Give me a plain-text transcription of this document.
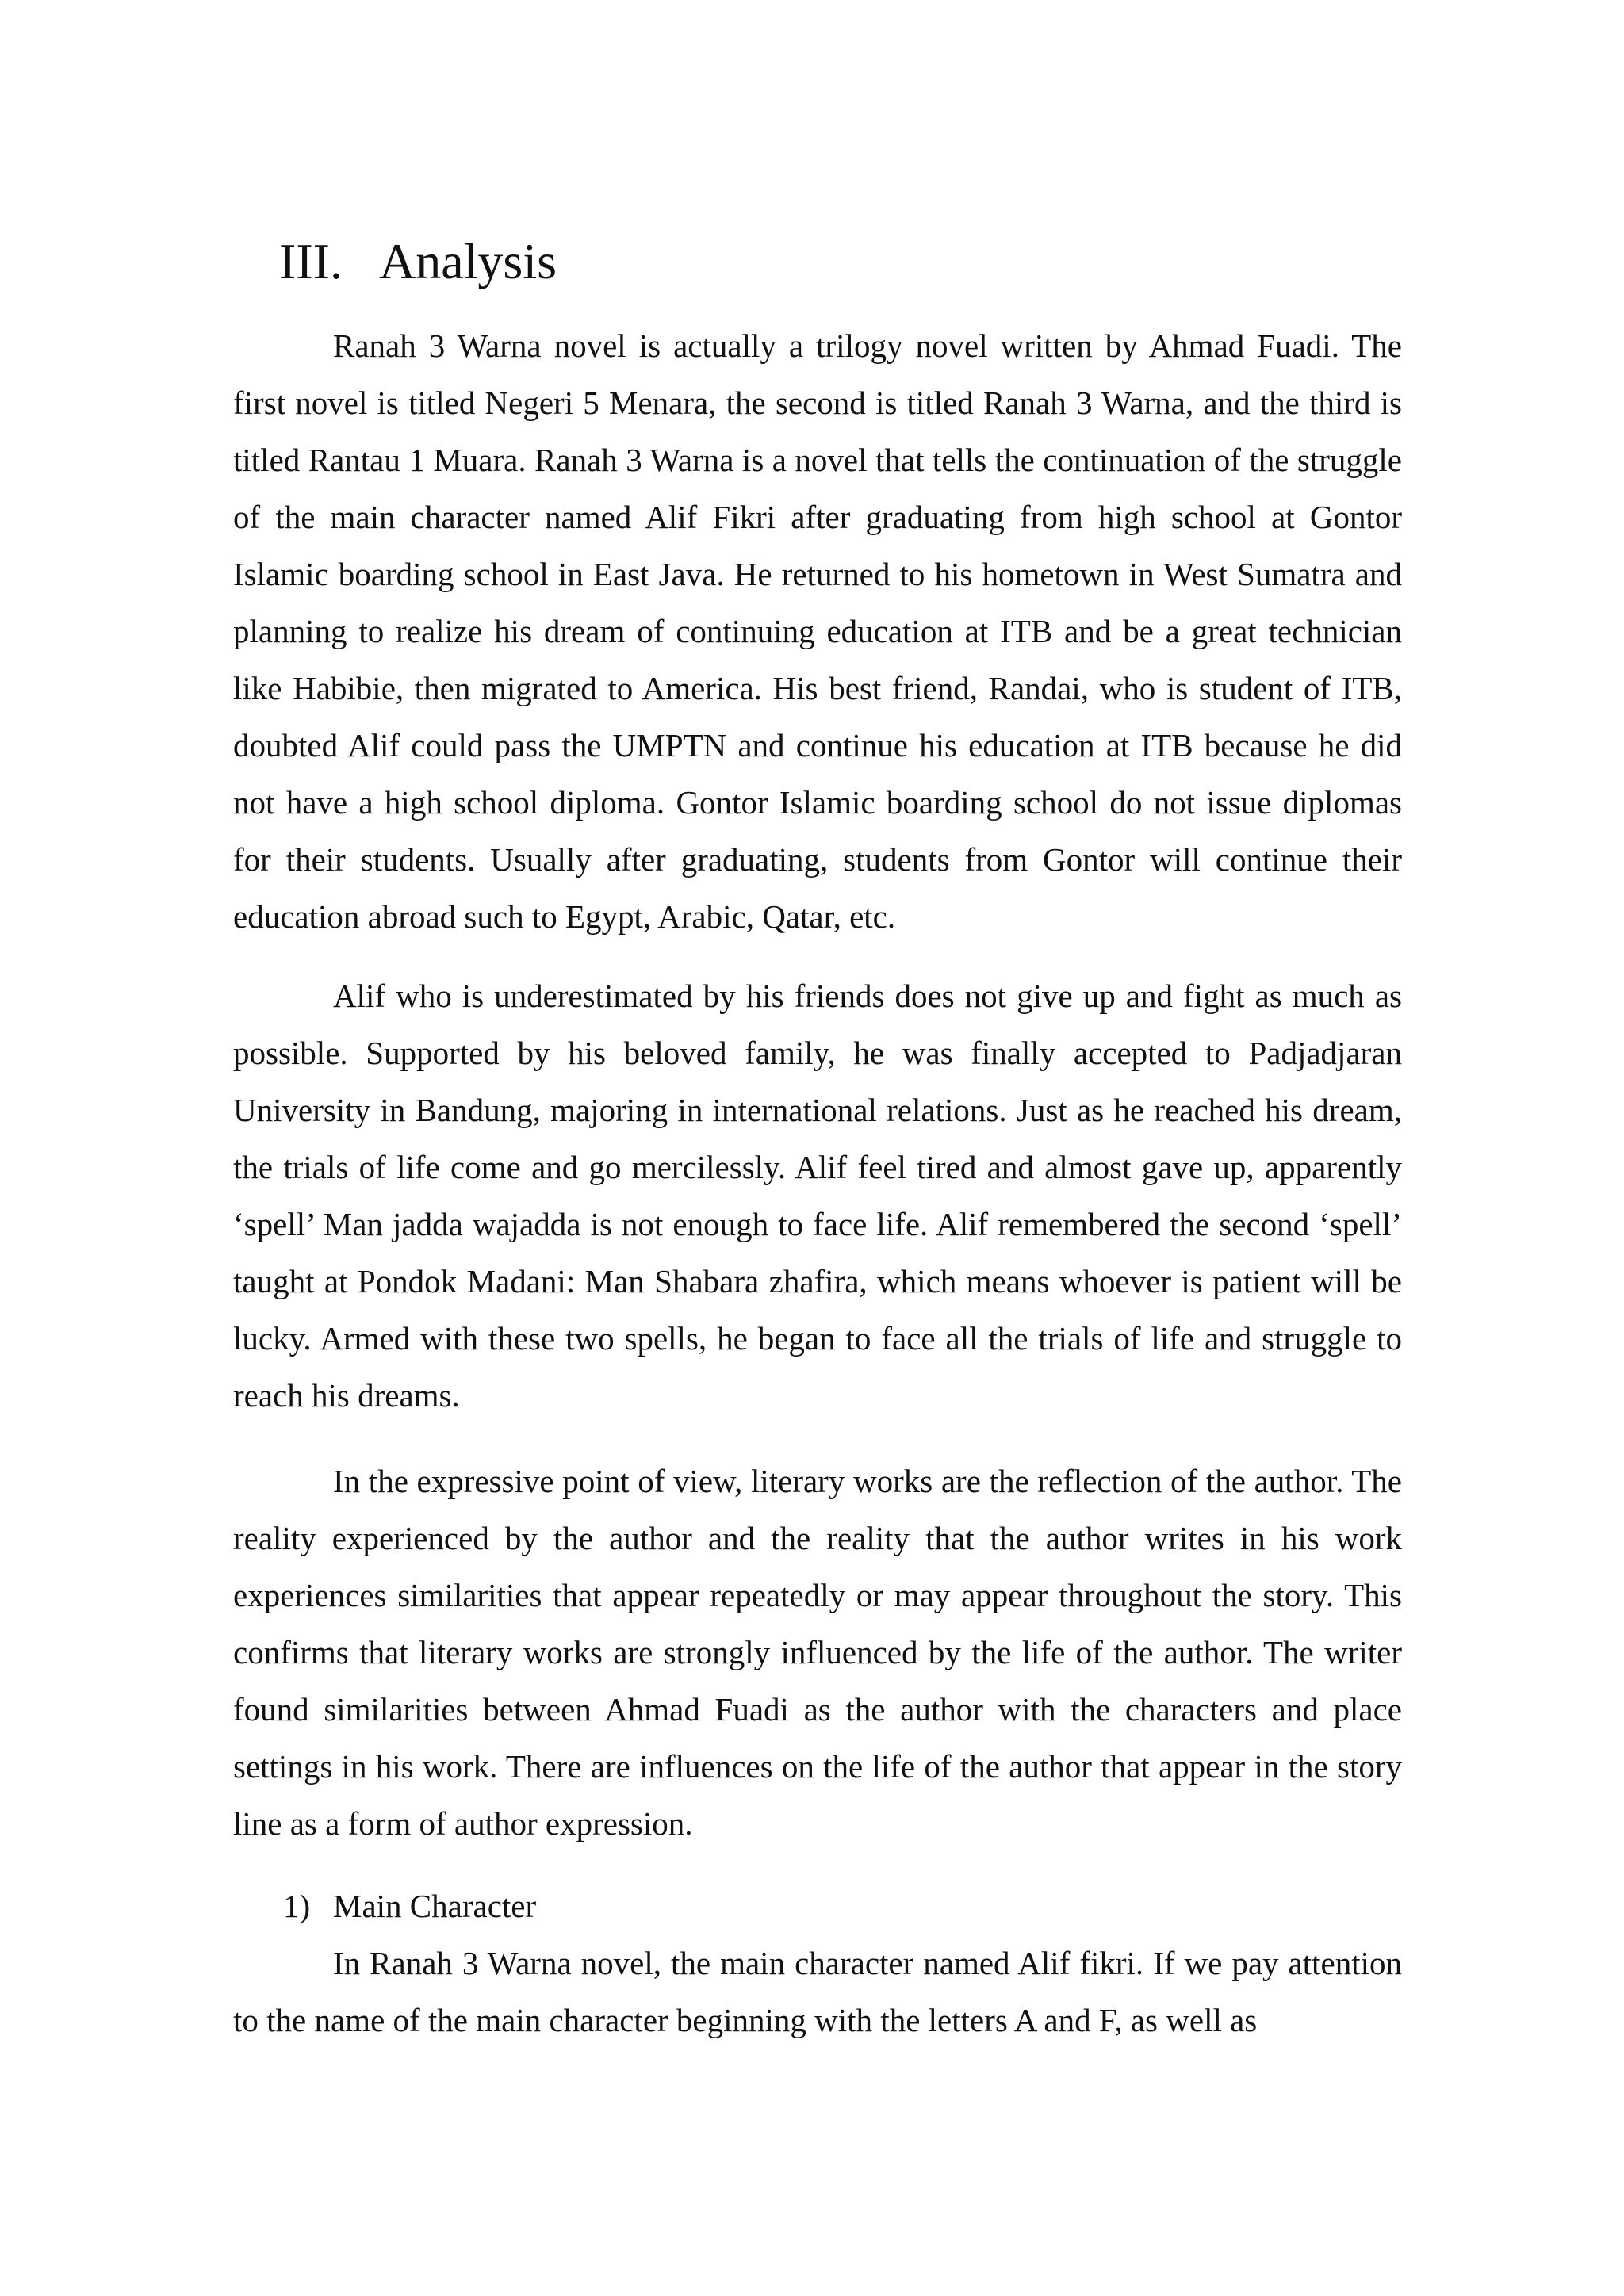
III. Analysis

Ranah 3 Warna novel is actually a trilogy novel written by Ahmad Fuadi. The first novel is titled Negeri 5 Menara, the second is titled Ranah 3 Warna, and the third is titled Rantau 1 Muara. Ranah 3 Warna is a novel that tells the continuation of the struggle of the main character named Alif Fikri after graduating from high school at Gontor Islamic boarding school in East Java. He returned to his hometown in West Sumatra and planning to realize his dream of continuing education at ITB and be a great technician like Habibie, then migrated to America. His best friend, Randai, who is student of ITB, doubted Alif could pass the UMPTN and continue his education at ITB because he did not have a high school diploma. Gontor Islamic boarding school do not issue diplomas for their students. Usually after graduating, students from Gontor will continue their education abroad such to Egypt, Arabic, Qatar, etc.

Alif who is underestimated by his friends does not give up and fight as much as possible. Supported by his beloved family, he was finally accepted to Padjadjaran University in Bandung, majoring in international relations. Just as he reached his dream, the trials of life come and go mercilessly. Alif feel tired and almost gave up, apparently ‘spell’ Man jadda wajadda is not enough to face life. Alif remembered the second ‘spell’ taught at Pondok Madani: Man Shabara zhafira, which means whoever is patient will be lucky. Armed with these two spells, he began to face all the trials of life and struggle to reach his dreams.

In the expressive point of view, literary works are the reflection of the author. The reality experienced by the author and the reality that the author writes in his work experiences similarities that appear repeatedly or may appear throughout the story. This confirms that literary works are strongly influenced by the life of the author. The writer found similarities between Ahmad Fuadi as the author with the characters and place settings in his work. There are influences on the life of the author that appear in the story line as a form of author expression.

1) Main Character

In Ranah 3 Warna novel, the main character named Alif fikri. If we pay attention to the name of the main character beginning with the letters A and F, as well as
